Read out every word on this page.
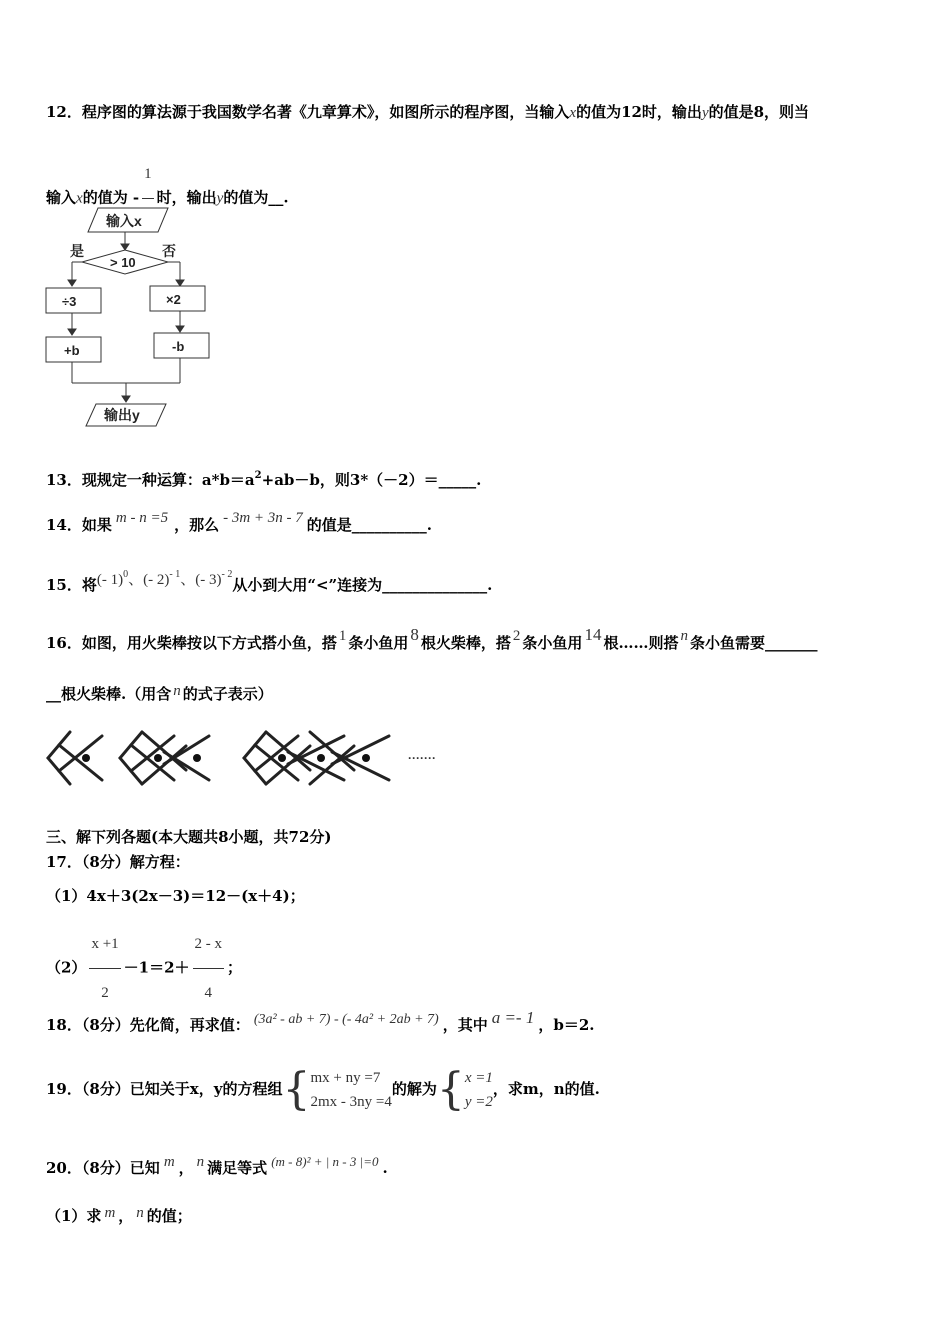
12．程序图的算法源于我国数学名著《九章算术》，如图所示的程序图，当输入x的值为12时，输出y的值是8，则当
输入x的值为 -
1
时，输出y的值为__.
输入x
是	否
> 10
÷3	×2
+b	-b
输出y
13．现规定一种运算：$a*b=a^2+ab-b$，则3*（－2）＝_____.
14．如果 m - n =5 ，那么 - 3m + 3n - 7 的值是__________.
15．将(- 1)$^0$、(- 2)$^{- 1}$、(- 3)$^{- 2}$从小到大用“<”连接为______________.
16．如图，用火柴棒按以下方式搭小鱼，搭 1 条小鱼用 8 根火柴棒，搭 2 条小鱼用 14 根……则搭 n 条小鱼需要_______
__根火柴棒.（用含 n 的式子表示）
·······
三、解下列各题(本大题共8小题，共72分)
17．（8分）解方程：
（1）4x＋3(2x－3)＝12－(x＋4)；
$(2) \frac{x +1}{2} -1=2+ \frac{2 - x}{4}$ ；
18．（8分）先化简，再求值： (3a² - ab + 7) - (- 4a² + 2ab + 7) ，其中 a =- 1 ，b＝2.
19．（8分）已知关于x，y的方程组{ mx + ny =7
2mx - 3ny =4
的解为{ x =1
y =2
，求m，n的值.
20．（8分）已知 m ， n 满足等式 (m - 8)² + | n - 3 |=0 .
（1）求 m ， n 的值；
